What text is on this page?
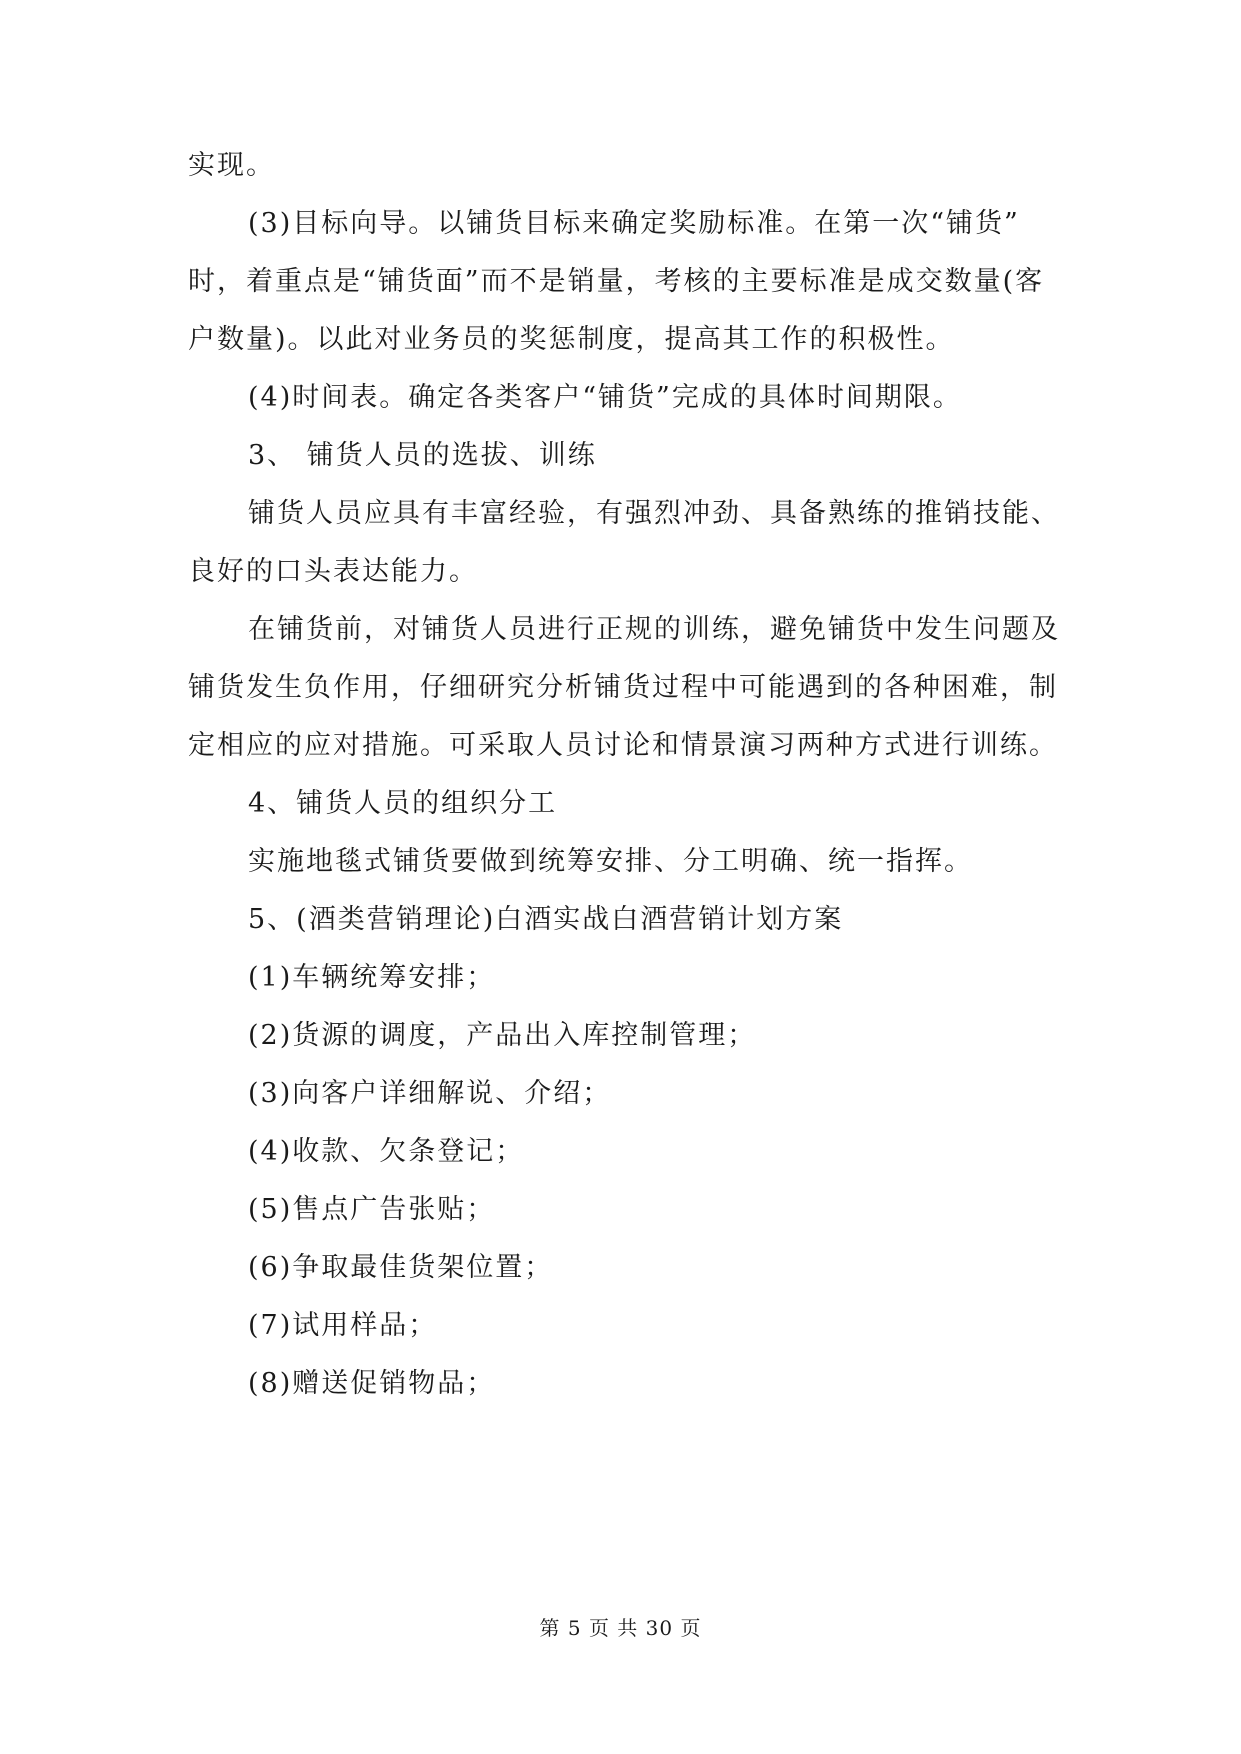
实现。
(3)目标向导。以铺货目标来确定奖励标准。在第一次“铺货”
时，着重点是“铺货面”而不是销量，考核的主要标准是成交数量(客
户数量)。以此对业务员的奖惩制度，提高其工作的积极性。
(4)时间表。确定各类客户“铺货”完成的具体时间期限。
3、 铺货人员的选拔、训练
铺货人员应具有丰富经验，有强烈冲劲、具备熟练的推销技能、
良好的口头表达能力。
在铺货前，对铺货人员进行正规的训练，避免铺货中发生问题及
铺货发生负作用，仔细研究分析铺货过程中可能遇到的各种困难，制
定相应的应对措施。可采取人员讨论和情景演习两种方式进行训练。
4、铺货人员的组织分工
实施地毯式铺货要做到统筹安排、分工明确、统一指挥。
5、(酒类营销理论)白酒实战白酒营销计划方案
(1)车辆统筹安排；
(2)货源的调度，产品出入库控制管理；
(3)向客户详细解说、介绍；
(4)收款、欠条登记；
(5)售点广告张贴；
(6)争取最佳货架位置；
(7)试用样品；
(8)赠送促销物品；
第 5 页 共 30 页
